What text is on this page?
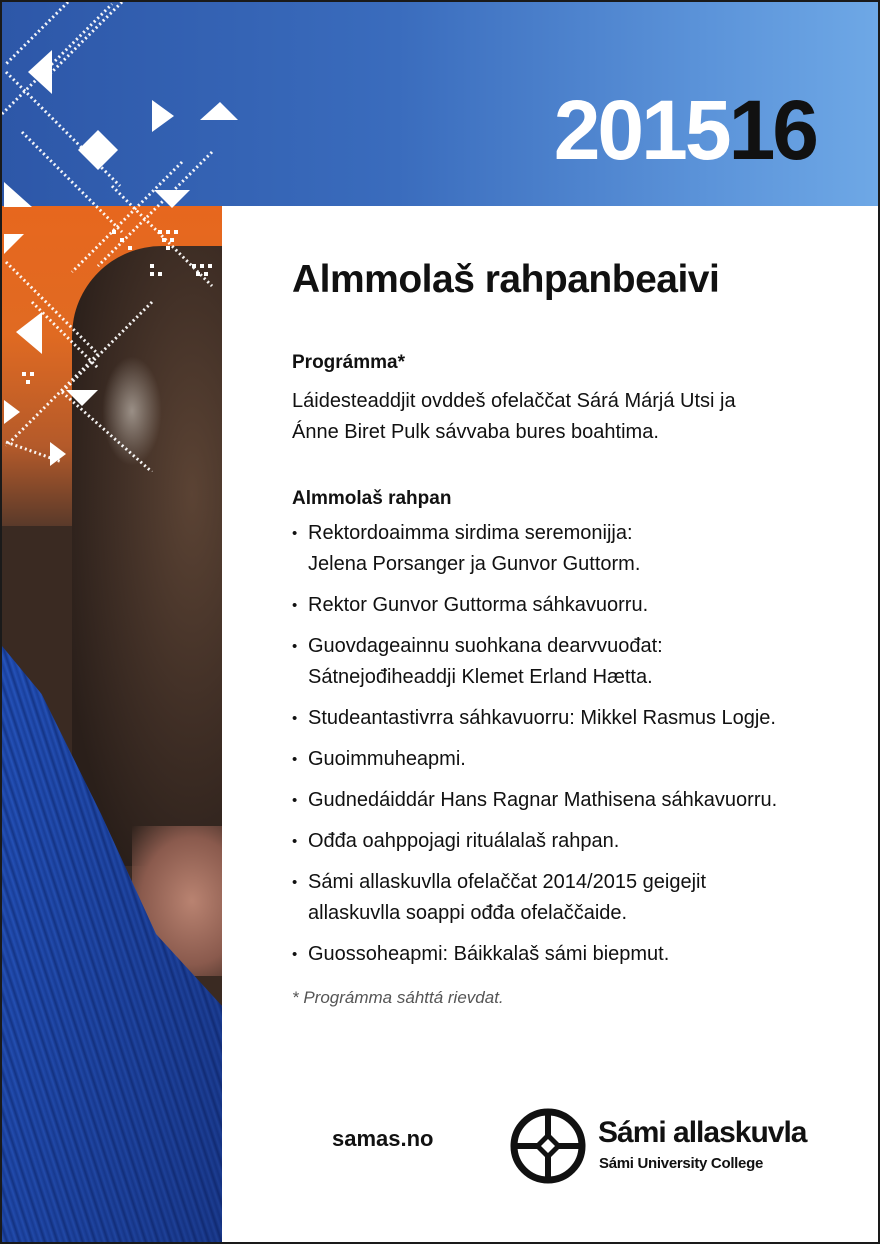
201516
Almmolaš rahpanbeaivi
Prográmma*
Láidesteaddjit ovddeš ofelaččat Sárá Márjá Utsi ja
Ánne Biret Pulk sávvaba bures boahtima.
Almmolaš rahpan
• Rektordoaimma sirdima seremonijja:
Jelena Porsanger ja Gunvor Guttorm.
• Rektor Gunvor Guttorma sáhkavuorru.
• Guovdageainnu suohkana dearvvuođat:
Sátnejođiheaddji Klemet Erland Hætta.
• Studeantastivrra sáhkavuorru: Mikkel Rasmus Logje.
• Guoimmuheapmi.
• Gudnedáiddár Hans Ragnar Mathisena sáhkavuorru.
• Ođđa oahppojagi rituálalaš rahpan.
• Sámi allaskuvlla ofelaččat 2014/2015 geigejit
allaskuvlla soappi ođđa ofelaččaide.
• Guossoheapmi: Báikkalaš sámi biepmut.
* Prográmma sáhttá rievdat.
samas.no	Sámi allaskuvla
Sámi University College
